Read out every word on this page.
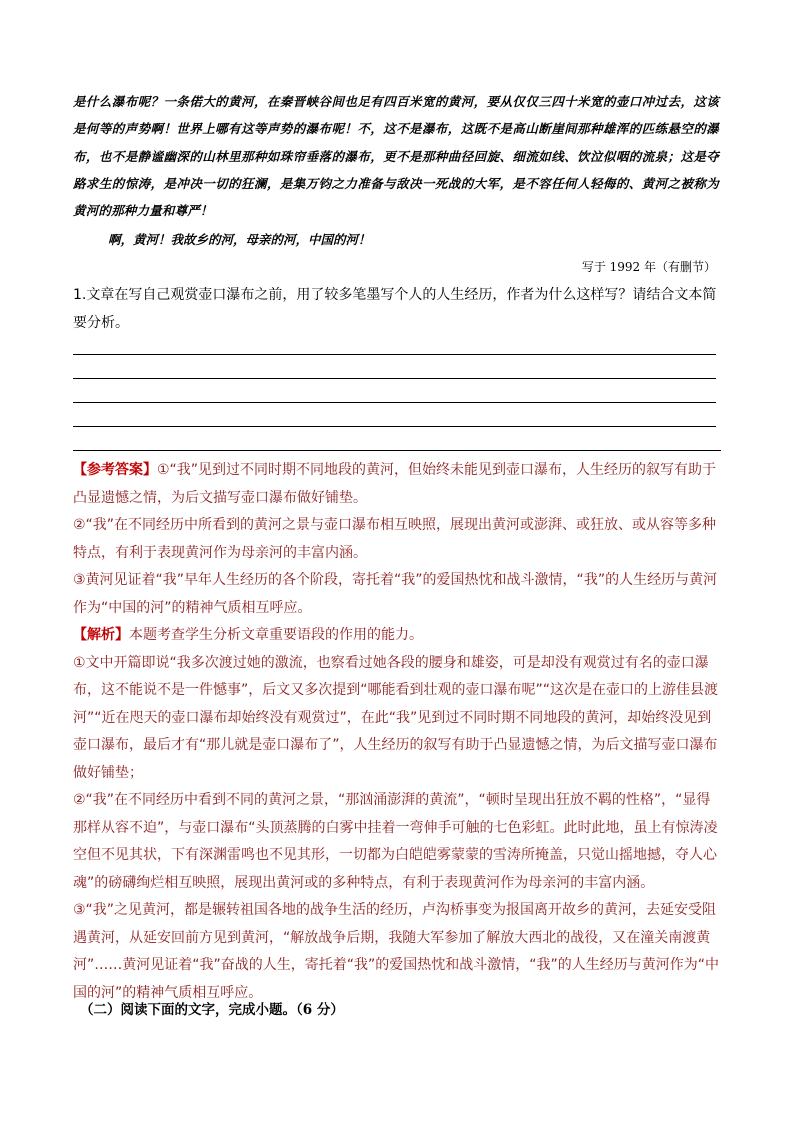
是什么瀑布呢？一条偌大的黄河，在秦晋峡谷间也足有四百米宽的黄河，要从仅仅三四十米宽的壶口冲过去，这该是何等的声势啊！世界上哪有这等声势的瀑布呢！不，这不是瀑布，这既不是高山断崖间那种雄浑的匹练悬空的瀑布，也不是静谧幽深的山林里那种如珠帘垂落的瀑布，更不是那种曲径回旋、细流如线、饮泣似咽的流泉；这是夺路求生的惊涛，是冲决一切的狂澜，是集万钧之力准备与敌决一死战的大军，是不容任何人轻侮的、黄河之被称为黄河的那种力量和尊严！
啊，黄河！我故乡的河，母亲的河，中国的河！
写于 1992 年（有删节）
1.文章在写自己观赏壶口瀑布之前，用了较多笔墨写个人的人生经历，作者为什么这样写？请结合文本简要分析。

【参考答案】①“我”见到过不同时期不同地段的黄河，但始终未能见到壶口瀑布，人生经历的叙写有助于凸显遗憾之情，为后文描写壶口瀑布做好铺垫。

②“我”在不同经历中所看到的黄河之景与壶口瀑布相互映照，展现出黄河或澎湃、或狂放、或从容等多种特点，有利于表现黄河作为母亲河的丰富内涵。

③黄河见证着“我”早年人生经历的各个阶段，寄托着“我”的爱国热忱和战斗激情，“我”的人生经历与黄河作为“中国的河”的精神气质相互呼应。

【解析】本题考查学生分析文章重要语段的作用的能力。

①文中开篇即说“我多次渡过她的激流，也察看过她各段的腰身和雄姿，可是却没有观赏过有名的壶口瀑布，这不能说不是一件憾事”，后文又多次提到“哪能看到壮观的壶口瀑布呢”“这次是在壶口的上游佳县渡河”“近在咫天的壶口瀑布却始终没有观赏过”，在此“我”见到过不同时期不同地段的黄河，却始终没见到壶口瀑布，最后才有“那儿就是壶口瀑布了”，人生经历的叙写有助于凸显遗憾之情，为后文描写壶口瀑布做好铺垫；

②“我”在不同经历中看到不同的黄河之景，“那汹涌澎湃的黄流”，“顿时呈现出狂放不羁的性格”，“显得那样从容不迫”，与壶口瀑布“头顶蒸腾的白雾中挂着一弯伸手可触的七色彩虹。此时此地，虽上有惊涛凌空但不见其状，下有深渊雷鸣也不见其形，一切都为白皑皑雾蒙蒙的雪涛所掩盖，只觉山摇地撼，夺人心魂”的磅礴绚烂相互映照，展现出黄河或的多种特点，有利于表现黄河作为母亲河的丰富内涵。

③“我”之见黄河，都是辗转祖国各地的战争生活的经历，卢沟桥事变为报国离开故乡的黄河，去延安受阻遇黄河，从延安回前方见到黄河，“解放战争后期，我随大军参加了解放大西北的战役，又在潼关南渡黄河”……黄河见证着“我”奋战的人生，寄托着“我”的爱国热忱和战斗激情，“我”的人生经历与黄河作为“中国的河”的精神气质相互呼应。

（二）阅读下面的文字，完成小题。（6 分）
